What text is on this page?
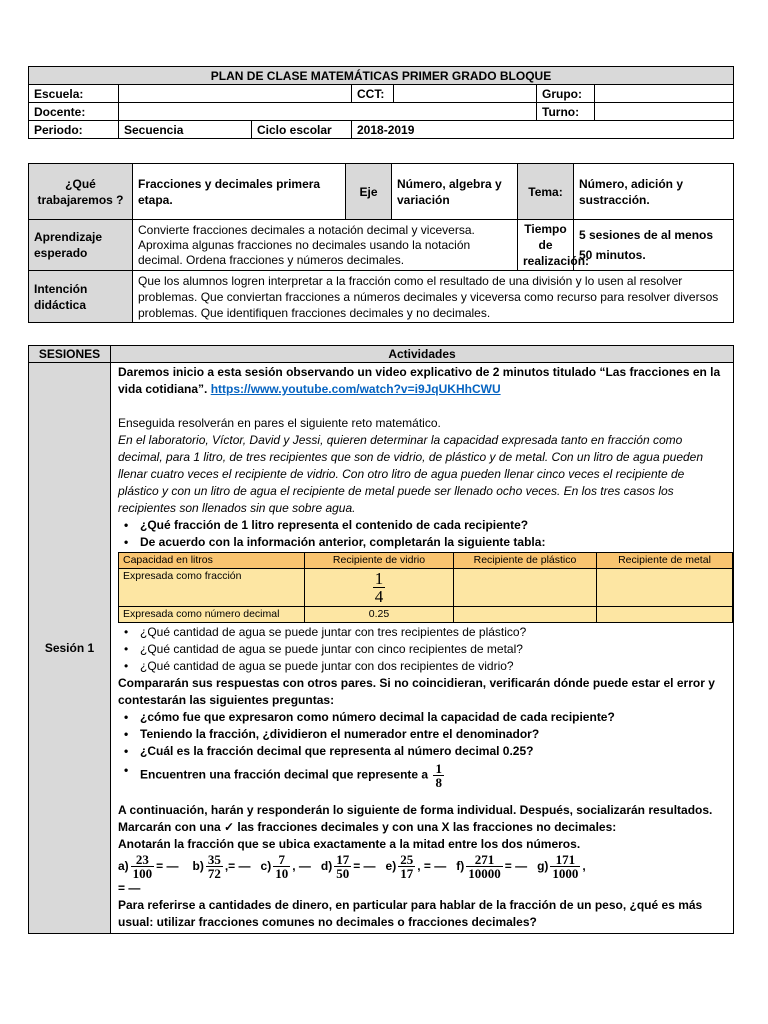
PLAN DE CLASE MATEMÁTICAS PRIMER GRADO BLOQUE						
Escuela:			CCT:		Grupo:	
Docente:					Turno:	
Periodo:	Secuencia	Ciclo escolar	2018-2019			
¿Qué trabajaremos ?	Fracciones y decimales primera etapa.	Eje	Número, algebra y variación	Tema:	Número, adición y sustracción.
Aprendizaje esperado	Convierte fracciones decimales a notación decimal y viceversa. Aproxima algunas fracciones no decimales usando la notación decimal. Ordena fracciones y números decimales.			Tiempo de realización:	5 sesiones de al menos 50 minutos.
Intención didáctica	Que los alumnos logren interpretar a la fracción como el resultado de una división y lo usen al resolver problemas. Que conviertan fracciones a números decimales y viceversa como recurso para resolver diversos problemas. Que identifiquen fracciones decimales y no decimales.				
SESIONES	Actividades
Sesión 1	

Daremos inicio a esta sesión observando un video explicativo de 2 minutos titulado “Las fracciones en la vida cotidiana”. https://www.youtube.com/watch?v=i9JqUKHhCWU

Enseguida resolverán en pares el siguiente reto matemático.

En el laboratorio, Víctor, David y Jessi, quieren determinar la capacidad expresada tanto en fracción como decimal, para 1 litro, de tres recipientes que son de vidrio, de plástico y de metal. Con un litro de agua pueden llenar cuatro veces el recipiente de vidrio. Con otro litro de agua pueden llenar cinco veces el recipiente de plástico y con un litro de agua el recipiente de metal puede ser llenado ocho veces. En los tres casos los recipientes son llenados sin que sobre agua.

• ¿Qué fracción de 1 litro representa el contenido de cada recipiente?
• De acuerdo con la información anterior, completarán la siguiente tabla:
Capacidad en litros	Recipiente de vidrio	Recipiente de plástico	Recipiente de metal
Expresada como fracción	$\frac{1}{4}$

Expresada como número decimal	0.25		
• ¿Qué cantidad de agua se puede juntar con tres recipientes de plástico?
• ¿Qué cantidad de agua se puede juntar con cinco recipientes de metal?
• ¿Qué cantidad de agua se puede juntar con dos recipientes de vidrio?

Compararán sus respuestas con otros pares. Si no coincidieran, verificarán dónde puede estar el error y contestarán las siguientes preguntas:

• ¿cómo fue que expresaron como número decimal la capacidad de cada recipiente?
• Teniendo la fracción, ¿dividieron el numerador entre el denominador?
• ¿Cuál es la fracción decimal que representa al número decimal 0.25?
• Encuentren una fracción decimal que represente a $\frac{1}{8}$

A continuación, harán y responderán lo siguiente de forma individual. Después, socializarán resultados.

Marcarán con una ✓ las fracciones decimales y con una X las fracciones no decimales:

Anotarán la fracción que se ubica exactamente a la mitad entre los dos números.

$a) \frac{23}{100}$ = — $b) \frac{35}{72}$ ,= — $c) \frac{7}{10}$ , — $d) \frac{17}{50}$ = — $e) \frac{25}{17}$ , = — $f) \frac{271}{10000}$ = — $g) \frac{171}{1000}$ ,

= —

Para referirse a cantidades de dinero, en particular para hablar de la fracción de un peso, ¿qué es más usual: utilizar fracciones comunes no decimales o fracciones decimales?
